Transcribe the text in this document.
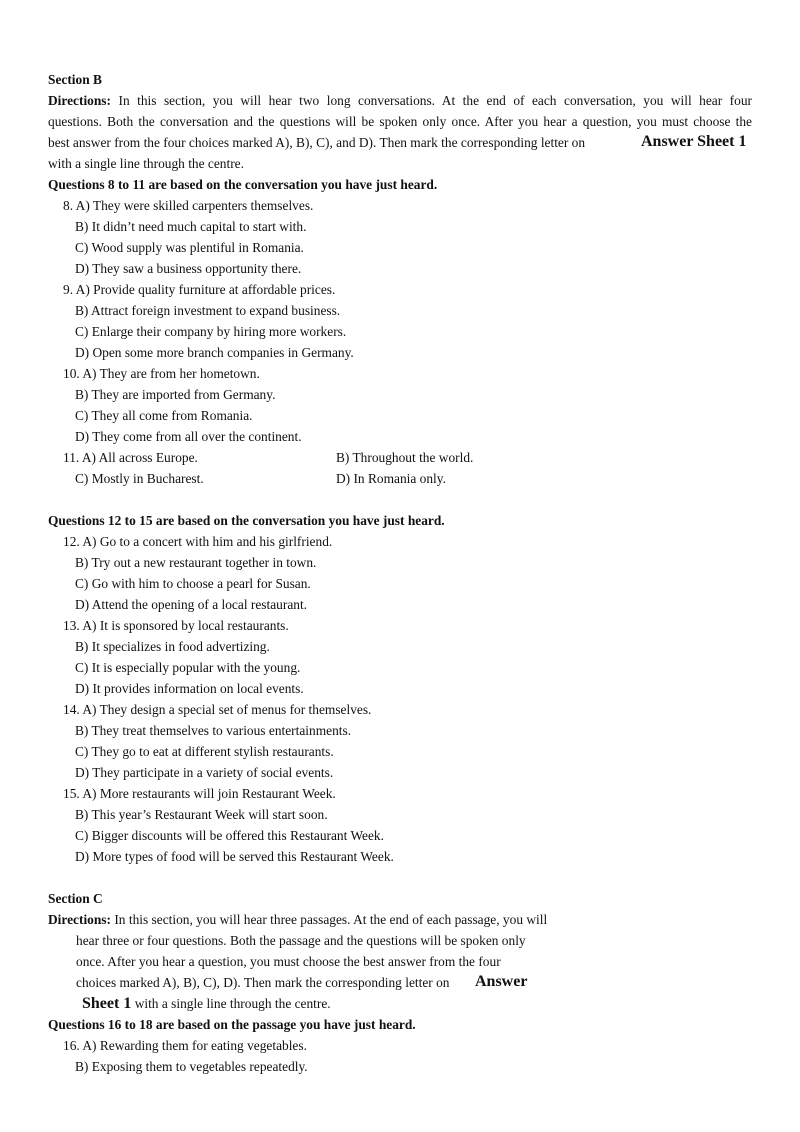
Section B
Directions: In this section, you will hear two long conversations. At the end of each conversation, you will hear four
questions. Both the conversation and the questions will be spoken only once. After you hear a question, you must choose the
best answer from the four choices marked A), B), C), and D). Then mark the corresponding letter on	Answer Sheet 1
with a single line through the centre.
Questions 8 to 11 are based on the conversation you have just heard.
8. A) They were skilled carpenters themselves.
B) It didn’t need much capital to start with.
C) Wood supply was plentiful in Romania.
D) They saw a business opportunity there.
9. A) Provide quality furniture at affordable prices.
B) Attract foreign investment to expand business.
C) Enlarge their company by hiring more workers.
D) Open some more branch companies in Germany.
10. A) They are from her hometown.
B) They are imported from Germany.
C) They all come from Romania.
D) They come from all over the continent.
11. A) All across Europe.	B) Throughout the world.
C) Mostly in Bucharest.	D) In Romania only.
Questions 12 to 15 are based on the conversation you have just heard.
12. A) Go to a concert with him and his girlfriend.
B) Try out a new restaurant together in town.
C) Go with him to choose a pearl for Susan.
D) Attend the opening of a local restaurant.
13. A) It is sponsored by local restaurants.
B) It specializes in food advertizing.
C) It is especially popular with the young.
D) It provides information on local events.
14. A) They design a special set of menus for themselves.
B) They treat themselves to various entertainments.
C) They go to eat at different stylish restaurants.
D) They participate in a variety of social events.
15. A) More restaurants will join Restaurant Week.
B) This year’s Restaurant Week will start soon.
C) Bigger discounts will be offered this Restaurant Week.
D) More types of food will be served this Restaurant Week.
Section C
Directions: In this section, you will hear three passages. At the end of each passage, you will
hear three or four questions. Both the passage and the questions will be spoken only
once. After you hear a question, you must choose the best answer from the four
choices marked A), B), C), D). Then mark the corresponding letter on Answer
Sheet 1 with a single line through the centre.
Questions 16 to 18 are based on the passage you have just heard.
16. A) Rewarding them for eating vegetables.
B) Exposing them to vegetables repeatedly.
